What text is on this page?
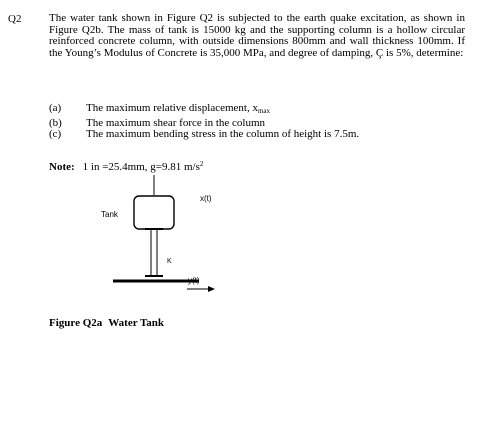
Q2	The water tank shown in Figure Q2 is subjected to the earth quake excitation, as shown in Figure Q2b. The mass of tank is 15000 kg and the supporting column is a hollow circular reinforced concrete column, with outside dimensions 800mm and wall thickness 100mm. If the Young’s Modulus of Concrete is 35,000 MPa, and degree of damping, Ç is 5%, determine:
(a)	The maximum relative displacement, $x_{max}$
(b)	The maximum shear force in the column
(c)	The maximum bending stress in the column of height is 7.5m.
Note: 1 in =25.4mm, g=9.81 $m/s^2$
Tank
x(t)
K
y(t)
Figure Q2a Water Tank
